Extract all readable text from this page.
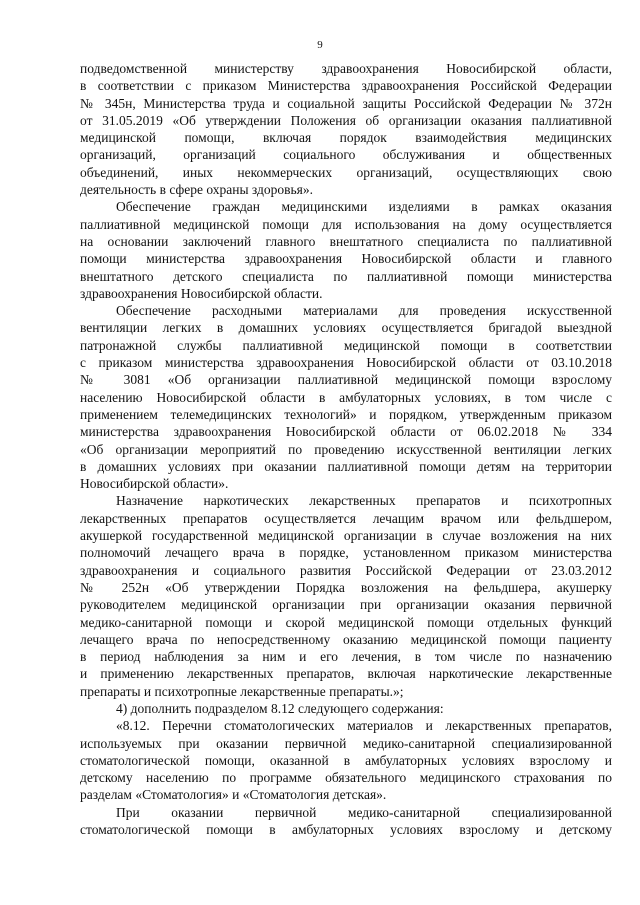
9
подведомственной министерству здравоохранения Новосибирской области,
в соответствии с приказом Министерства здравоохранения Российской Федерации
№ 345н, Министерства труда и социальной защиты Российской Федерации № 372н
от 31.05.2019 «Об утверждении Положения об организации оказания паллиативной
медицинской помощи, включая порядок взаимодействия медицинских
организаций, организаций социального обслуживания и общественных
объединений, иных некоммерческих организаций, осуществляющих свою
деятельность в сфере охраны здоровья».
Обеспечение граждан медицинскими изделиями в рамках оказания
паллиативной медицинской помощи для использования на дому осуществляется
на основании заключений главного внештатного специалиста по паллиативной
помощи министерства здравоохранения Новосибирской области и главного
внештатного детского специалиста по паллиативной помощи министерства
здравоохранения Новосибирской области.
Обеспечение расходными материалами для проведения искусственной
вентиляции легких в домашних условиях осуществляется бригадой выездной
патронажной службы паллиативной медицинской помощи в соответствии
с приказом министерства здравоохранения Новосибирской области от 03.10.2018
№ 3081 «Об организации паллиативной медицинской помощи взрослому
населению Новосибирской области в амбулаторных условиях, в том числе с
применением телемедицинских технологий» и порядком, утвержденным приказом
министерства здравоохранения Новосибирской области от 06.02.2018 № 334
«Об организации мероприятий по проведению искусственной вентиляции легких
в домашних условиях при оказании паллиативной помощи детям на территории
Новосибирской области».
Назначение наркотических лекарственных препаратов и психотропных
лекарственных препаратов осуществляется лечащим врачом или фельдшером,
акушеркой государственной медицинской организации в случае возложения на них
полномочий лечащего врача в порядке, установленном приказом министерства
здравоохранения и социального развития Российской Федерации от 23.03.2012
№ 252н «Об утверждении Порядка возложения на фельдшера, акушерку
руководителем медицинской организации при организации оказания первичной
медико-санитарной помощи и скорой медицинской помощи отдельных функций
лечащего врача по непосредственному оказанию медицинской помощи пациенту
в период наблюдения за ним и его лечения, в том числе по назначению
и применению лекарственных препаратов, включая наркотические лекарственные
препараты и психотропные лекарственные препараты.»;
4) дополнить подразделом 8.12 следующего содержания:
«8.12. Перечни стоматологических материалов и лекарственных препаратов,
используемых при оказании первичной медико-санитарной специализированной
стоматологической помощи, оказанной в амбулаторных условиях взрослому и
детскому населению по программе обязательного медицинского страхования по
разделам «Стоматология» и «Стоматология детская».
При оказании первичной медико-санитарной специализированной
стоматологической помощи в амбулаторных условиях взрослому и детскому
